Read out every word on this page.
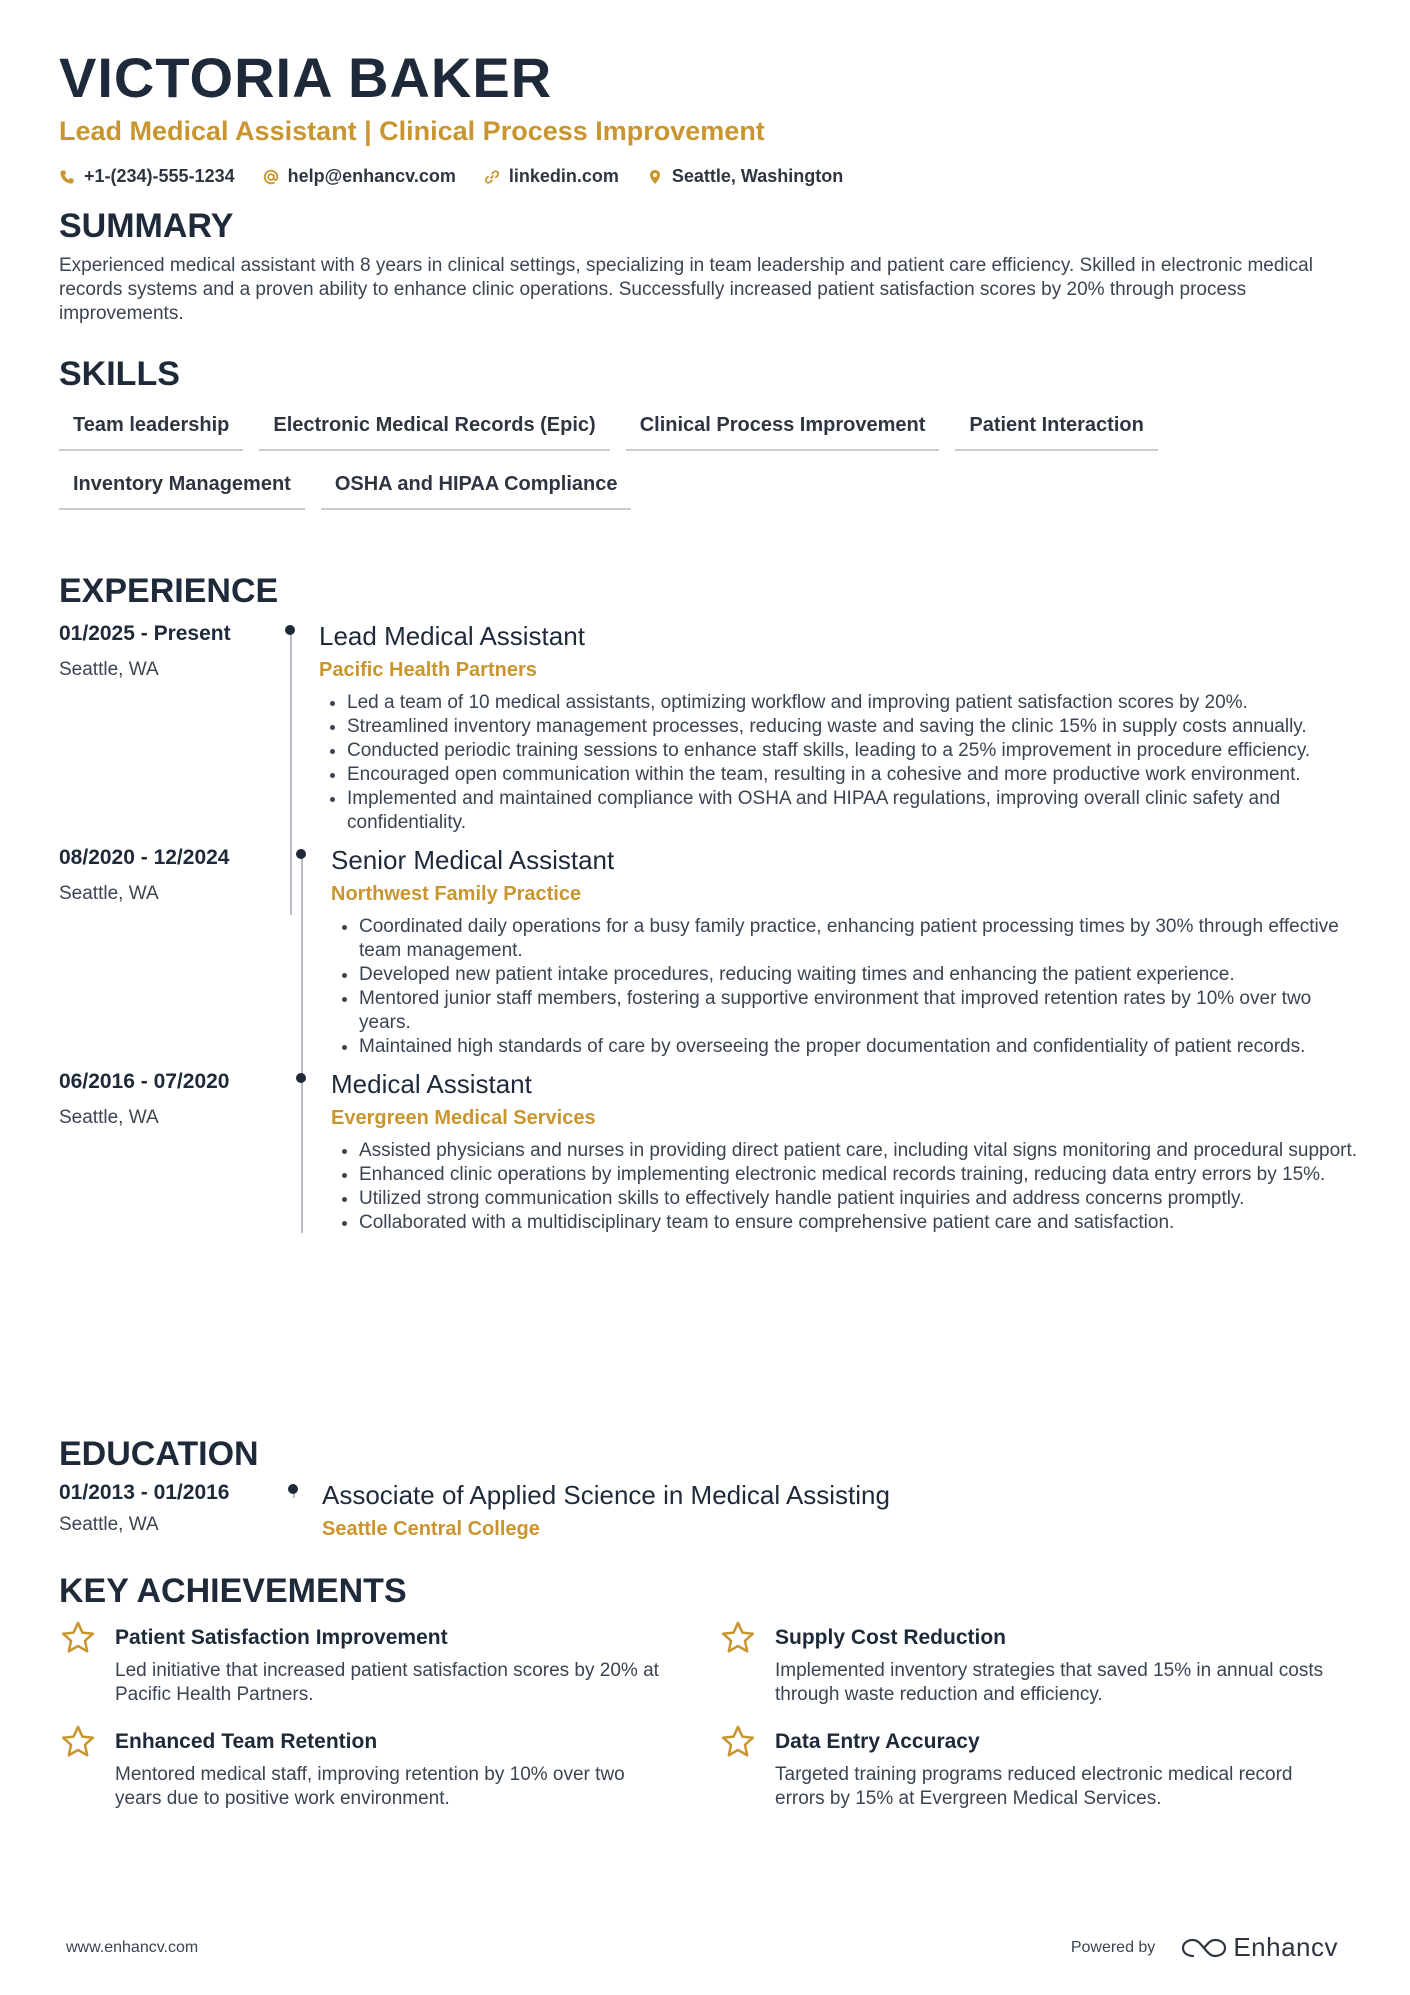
VICTORIA BAKER
Lead Medical Assistant | Clinical Process Improvement
+1-(234)-555-1234	help@enhancv.com	linkedin.com	Seattle, Washington
SUMMARY

Experienced medical assistant with 8 years in clinical settings, specializing in team leadership and patient care efficiency. Skilled in electronic medical records systems and a proven ability to enhance clinic operations. Successfully increased patient satisfaction scores by 20% through process improvements.

SKILLS
Team leadership	Electronic Medical Records (Epic)	Clinical Process Improvement	Patient Interaction
Inventory Management	OSHA and HIPAA Compliance
EXPERIENCE
01/2025 - Present
Seattle, WA
Lead Medical Assistant
Pacific Health Partners
• Led a team of 10 medical assistants, optimizing workflow and improving patient satisfaction scores by 20%.
• Streamlined inventory management processes, reducing waste and saving the clinic 15% in supply costs annually.
• Conducted periodic training sessions to enhance staff skills, leading to a 25% improvement in procedure efficiency.
• Encouraged open communication within the team, resulting in a cohesive and more productive work environment.
• Implemented and maintained compliance with OSHA and HIPAA regulations, improving overall clinic safety and confidentiality.
08/2020 - 12/2024
Seattle, WA
Senior Medical Assistant
Northwest Family Practice
• Coordinated daily operations for a busy family practice, enhancing patient processing times by 30% through effective team management.
• Developed new patient intake procedures, reducing waiting times and enhancing the patient experience.
• Mentored junior staff members, fostering a supportive environment that improved retention rates by 10% over two years.
• Maintained high standards of care by overseeing the proper documentation and confidentiality of patient records.
06/2016 - 07/2020
Seattle, WA
Medical Assistant
Evergreen Medical Services
• Assisted physicians and nurses in providing direct patient care, including vital signs monitoring and procedural support.
• Enhanced clinic operations by implementing electronic medical records training, reducing data entry errors by 15%.
• Utilized strong communication skills to effectively handle patient inquiries and address concerns promptly.
• Collaborated with a multidisciplinary team to ensure comprehensive patient care and satisfaction.
EDUCATION
01/2013 - 01/2016
Seattle, WA
Associate of Applied Science in Medical Assisting
Seattle Central College
KEY ACHIEVEMENTS
Patient Satisfaction Improvement
Led initiative that increased patient satisfaction scores by 20% at Pacific Health Partners.
Supply Cost Reduction
Implemented inventory strategies that saved 15% in annual costs through waste reduction and efficiency.
Enhanced Team Retention
Mentored medical staff, improving retention by 10% over two years due to positive work environment.
Data Entry Accuracy
Targeted training programs reduced electronic medical record errors by 15% at Evergreen Medical Services.
www.enhancv.com	Powered by	Enhancv
